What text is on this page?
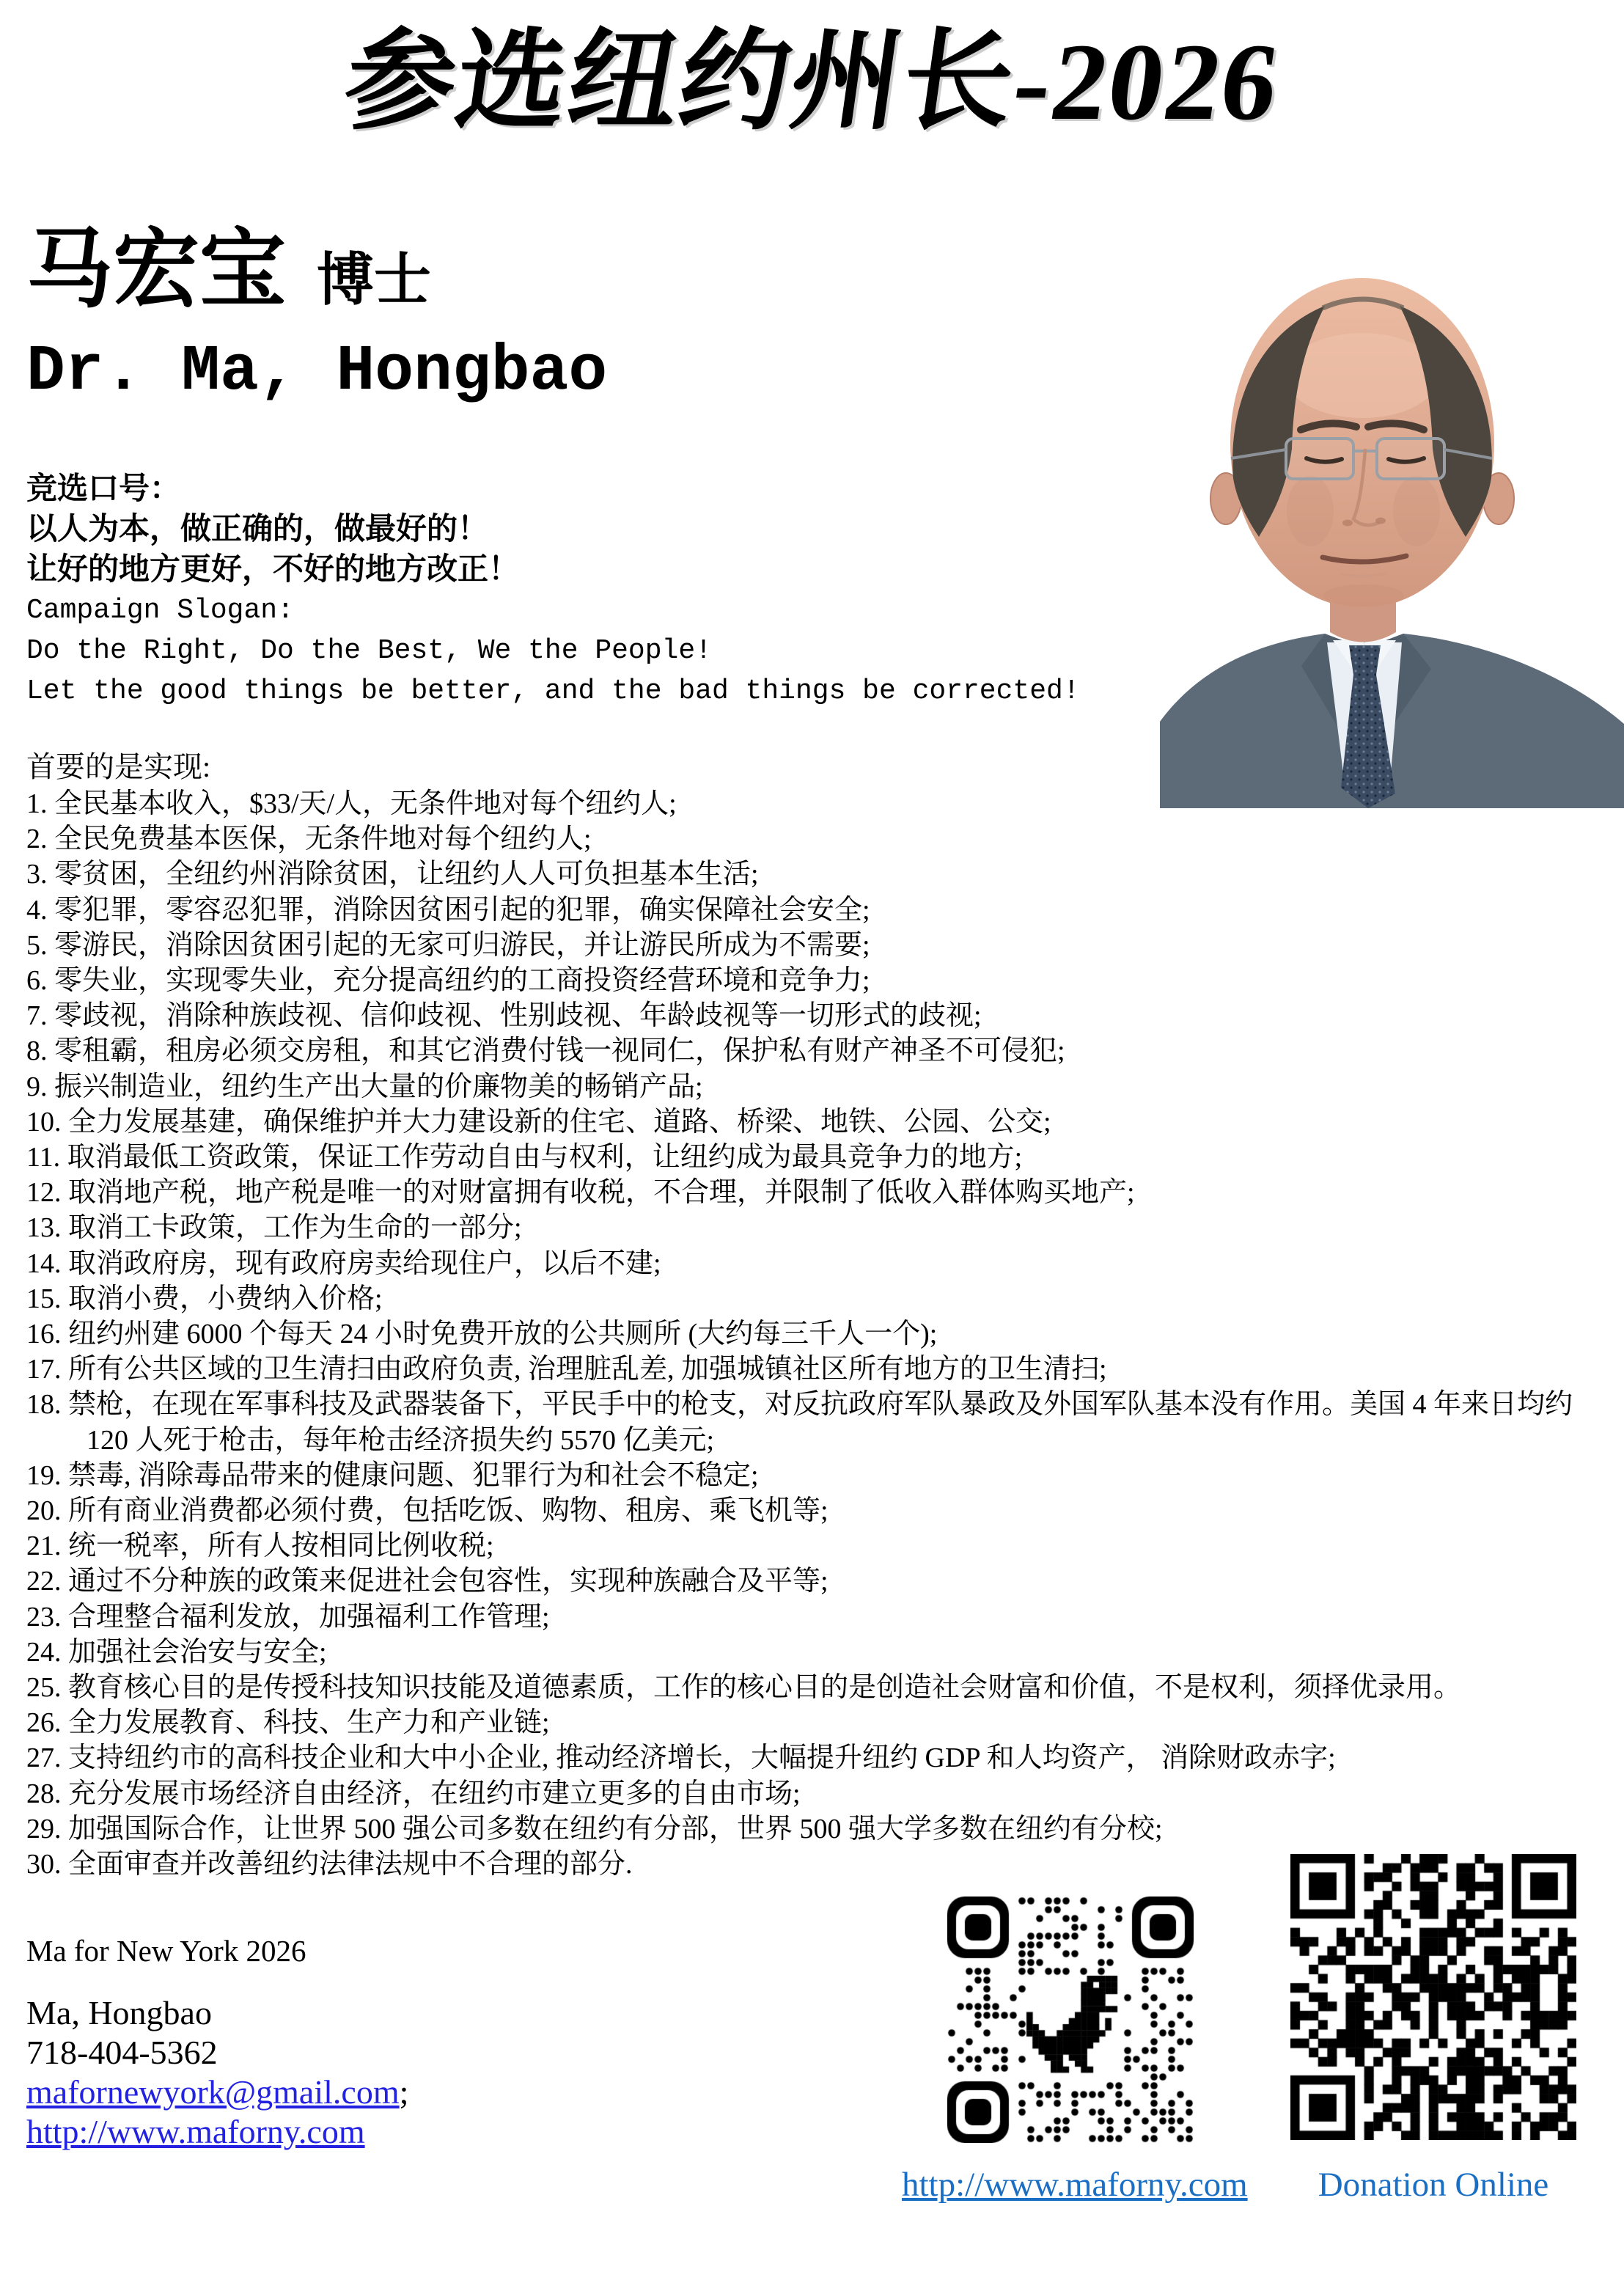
参选纽约州长-2026
马宏宝 博士
Dr. Ma, Hongbao
竞选口号：
以人为本，做正确的，做最好的！
让好的地方更好，不好的地方改正！
Campaign Slogan:
Do the Right, Do the Best, We the People!
Let the good things be better, and the bad things be corrected!
首要的是实现:
1. 全民基本收入，$33/天/人，无条件地对每个纽约人;
2. 全民免费基本医保，无条件地对每个纽约人;
3. 零贫困，全纽约州消除贫困，让纽约人人可负担基本生活;
4. 零犯罪，零容忍犯罪，消除因贫困引起的犯罪，确实保障社会安全;
5. 零游民，消除因贫困引起的无家可归游民，并让游民所成为不需要;
6. 零失业，实现零失业，充分提高纽约的工商投资经营环境和竞争力;
7. 零歧视，消除种族歧视、信仰歧视、性别歧视、年龄歧视等一切形式的歧视;
8. 零租霸，租房必须交房租，和其它消费付钱一视同仁，保护私有财产神圣不可侵犯;
9. 振兴制造业，纽约生产出大量的价廉物美的畅销产品;
10. 全力发展基建，确保维护并大力建设新的住宅、道路、桥梁、地铁、公园、公交;
11. 取消最低工资政策，保证工作劳动自由与权利，让纽约成为最具竞争力的地方;
12. 取消地产税，地产税是唯一的对财富拥有收税，不合理，并限制了低收入群体购买地产;
13. 取消工卡政策，工作为生命的一部分;
14. 取消政府房，现有政府房卖给现住户，以后不建;
15. 取消小费，小费纳入价格;
16. 纽约州建 6000 个每天 24 小时免费开放的公共厕所 (大约每三千人一个);
17. 所有公共区域的卫生清扫由政府负责, 治理脏乱差, 加强城镇社区所有地方的卫生清扫;
18. 禁枪，在现在军事科技及武器装备下，平民手中的枪支，对反抗政府军队暴政及外国军队基本没有作用。美国 4 年来日均约
120 人死于枪击，每年枪击经济损失约 5570 亿美元;
19. 禁毒, 消除毒品带来的健康问题、犯罪行为和社会不稳定;
20. 所有商业消费都必须付费，包括吃饭、购物、租房、乘飞机等;
21. 统一税率，所有人按相同比例收税;
22. 通过不分种族的政策来促进社会包容性，实现种族融合及平等;
23. 合理整合福利发放，加强福利工作管理;
24. 加强社会治安与安全;
25. 教育核心目的是传授科技知识技能及道德素质，工作的核心目的是创造社会财富和价值，不是权利，须择优录用。
26. 全力发展教育、科技、生产力和产业链;
27. 支持纽约市的高科技企业和大中小企业, 推动经济增长，大幅提升纽约 GDP 和人均资产， 消除财政赤字;
28. 充分发展市场经济自由经济，在纽约市建立更多的自由市场;
29. 加强国际合作，让世界 500 强公司多数在纽约有分部，世界 500 强大学多数在纽约有分校;
30. 全面审查并改善纽约法律法规中不合理的部分.
Ma for New York 2026
Ma, Hongbao
718-404-5362
mafornewyork@gmail.com;
http://www.maforny.com
http://www.maforny.com	Donation Online
